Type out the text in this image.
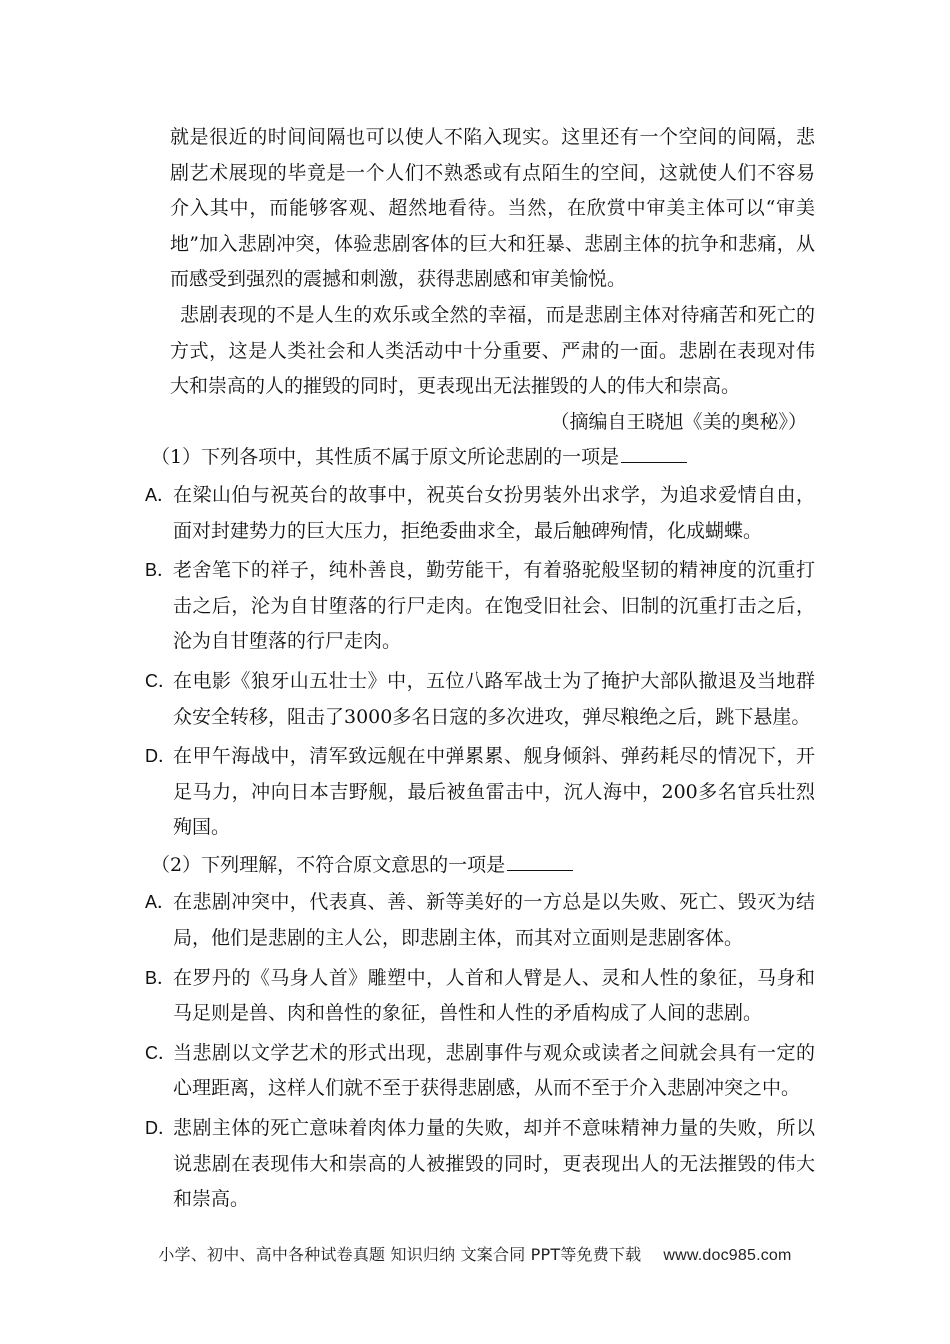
就是很近的时间间隔也可以使人不陷入现实。这里还有一个空间的间隔，悲剧艺术展现的毕竟是一个人们不熟悉或有点陌生的空间，这就使人们不容易介入其中，而能够客观、超然地看待。当然，在欣赏中审美主体可以“审美地”加入悲剧冲突，体验悲剧客体的巨大和狂暴、悲剧主体的抗争和悲痛，从而感受到强烈的震撼和刺激，获得悲剧感和审美愉悦。

悲剧表现的不是人生的欢乐或全然的幸福，而是悲剧主体对待痛苦和死亡的方式，这是人类社会和人类活动中十分重要、严肃的一面。悲剧在表现对伟大和崇高的人的摧毁的同时，更表现出无法摧毁的人的伟大和崇高。

（摘编自王晓旭《美的奥秘》）

（1）下列各项中，其性质不属于原文所论悲剧的一项是

A．
在梁山伯与祝英台的故事中，祝英台女扮男装外出求学，为追求爱情自由，面对封建势力的巨大压力，拒绝委曲求全，最后触碑殉情，化成蝴蝶。
B．
老舍笔下的祥子，纯朴善良，勤劳能干，有着骆驼般坚韧的精神度的沉重打击之后，沦为自甘堕落的行尸走肉。在饱受旧社会、旧制的沉重打击之后，沦为自甘堕落的行尸走肉。
C．
在电影《狼牙山五壮士》中，五位八路军战士为了掩护大部队撤退及当地群众安全转移，阻击了3000多名日寇的多次进攻，弹尽粮绝之后，跳下悬崖。
D．
在甲午海战中，清军致远舰在中弹累累、舰身倾斜、弹药耗尽的情况下，开足马力，冲向日本吉野舰，最后被鱼雷击中，沉人海中，200多名官兵壮烈殉国。

（2）下列理解，不符合原文意思的一项是

A．
在悲剧冲突中，代表真、善、新等美好的一方总是以失败、死亡、毁灭为结局，他们是悲剧的主人公，即悲剧主体，而其对立面则是悲剧客体。
B．
在罗丹的《马身人首》雕塑中，人首和人臂是人、灵和人性的象征，马身和马足则是兽、肉和兽性的象征，兽性和人性的矛盾构成了人间的悲剧。
C．
当悲剧以文学艺术的形式出现，悲剧事件与观众或读者之间就会具有一定的心理距离，这样人们就不至于获得悲剧感，从而不至于介入悲剧冲突之中。
D．
悲剧主体的死亡意味着肉体力量的失败，却并不意味精神力量的失败，所以说悲剧在表现伟大和崇高的人被摧毁的同时，更表现出人的无法摧毁的伟大和崇高。
小学、初中、高中各种试卷真题 知识归纳 文案合同 PPT等免费下载 www.doc985.com
